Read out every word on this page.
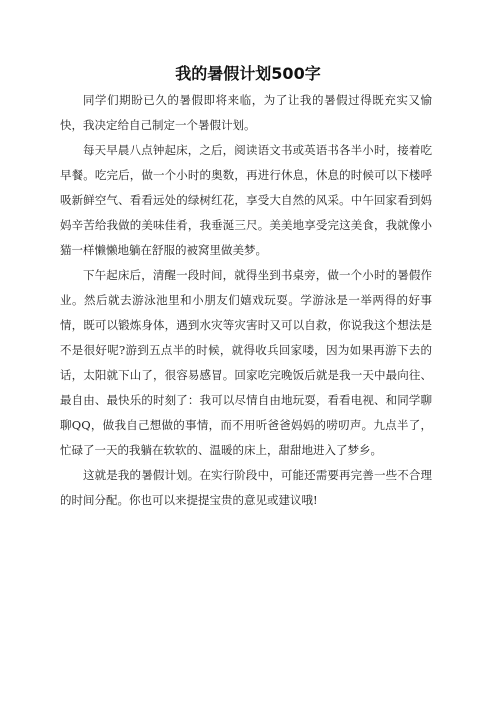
我的暑假计划500字

同学们期盼已久的暑假即将来临，为了让我的暑假过得既充实又愉快，我决定给自己制定一个暑假计划。

每天早晨八点钟起床，之后，阅读语文书或英语书各半小时，接着吃早餐。吃完后，做一个小时的奥数，再进行休息，休息的时候可以下楼呼吸新鲜空气、看看远处的绿树红花，享受大自然的风采。中午回家看到妈妈辛苦给我做的美味佳肴，我垂涎三尺。美美地享受完这美食，我就像小猫一样懒懒地躺在舒服的被窝里做美梦。

下午起床后，清醒一段时间，就得坐到书桌旁，做一个小时的暑假作业。然后就去游泳池里和小朋友们嬉戏玩耍。学游泳是一举两得的好事情，既可以锻炼身体，遇到水灾等灾害时又可以自救，你说我这个想法是不是很好呢?游到五点半的时候，就得收兵回家喽，因为如果再游下去的话，太阳就下山了，很容易感冒。回家吃完晚饭后就是我一天中最向往、最自由、最快乐的时刻了：我可以尽情自由地玩耍，看看电视、和同学聊聊QQ，做我自己想做的事情，而不用听爸爸妈妈的唠叨声。九点半了，忙碌了一天的我躺在软软的、温暖的床上，甜甜地进入了梦乡。

这就是我的暑假计划。在实行阶段中，可能还需要再完善一些不合理的时间分配。你也可以来提提宝贵的意见或建议哦!
